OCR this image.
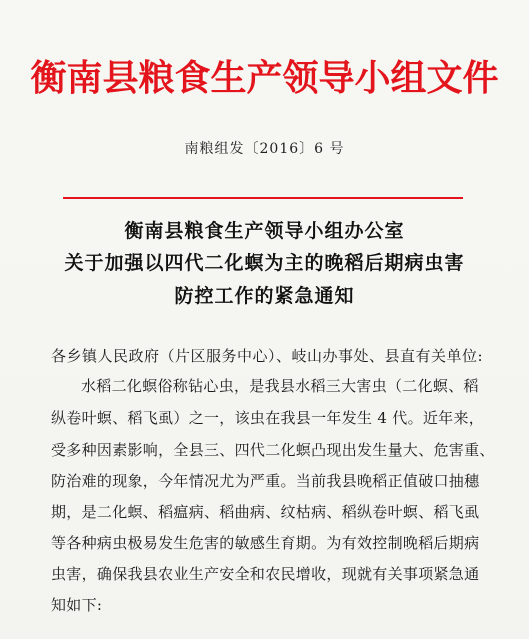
衡南县粮食生产领导小组文件
南粮组发〔2016〕6 号
衡南县粮食生产领导小组办公室
关于加强以四代二化螟为主的晚稻后期病虫害
防控工作的紧急通知
各乡镇人民政府（片区服务中心）、岐山办事处、县直有关单位:
水稻二化螟俗称钻心虫，是我县水稻三大害虫（二化螟、稻
纵卷叶螟、稻飞虱）之一，该虫在我县一年发生 4 代。近年来，
受多种因素影响，全县三、四代二化螟凸现出发生量大、危害重、
防治难的现象，今年情况尤为严重。当前我县晚稻正值破口抽穗
期，是二化螟、稻瘟病、稻曲病、纹枯病、稻纵卷叶螟、稻飞虱
等各种病虫极易发生危害的敏感生育期。为有效控制晚稻后期病
虫害，确保我县农业生产安全和农民增收，现就有关事项紧急通
知如下:
